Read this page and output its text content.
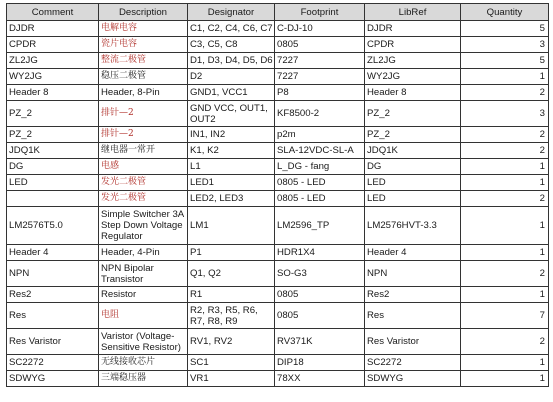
Comment	Description	Designator	Footprint	LibRef	Quantity
DJDR	电解电容	C1, C2, C4, C6, C7	C-DJ-10	DJDR	5
CPDR	瓷片电容	C3, C5, C8	0805	CPDR	3
ZL2JG	整流二极管	D1, D3, D4, D5, D6	7227	ZL2JG	5
WY2JG	稳压二极管	D2	7227	WY2JG	1
Header 8	Header, 8-Pin	GND1, VCC1	P8	Header 8	2
PZ_2	排针—2	GND VCC, OUT1, OUT2	KF8500-2	PZ_2	3
PZ_2	排针—2	IN1, IN2	p2m	PZ_2	2
JDQ1K	继电器一常开	K1, K2	SLA-12VDC-SL-A	JDQ1K	2
DG	电感	L1	L_DG - fang	DG	1
LED	发光二极管	LED1	0805 - LED	LED	1
	发光二极管	LED2, LED3	0805 - LED	LED	2
LM2576T5.0	Simple Switcher 3A Step Down Voltage Regulator	LM1	LM2596_TP	LM2576HVT-3.3	1
Header 4	Header, 4-Pin	P1	HDR1X4	Header 4	1
NPN	NPN Bipolar Transistor	Q1, Q2	SO-G3	NPN	2
Res2	Resistor	R1	0805	Res2	1
Res	电阻	R2, R3, R5, R6, R7, R8, R9	0805	Res	7
Res Varistor	Varistor (Voltage-Sensitive Resistor)	RV1, RV2	RV371K	Res Varistor	2
SC2272	无线接收芯片	SC1	DIP18	SC2272	1
SDWYG	三端稳压器	VR1	78XX	SDWYG	1
